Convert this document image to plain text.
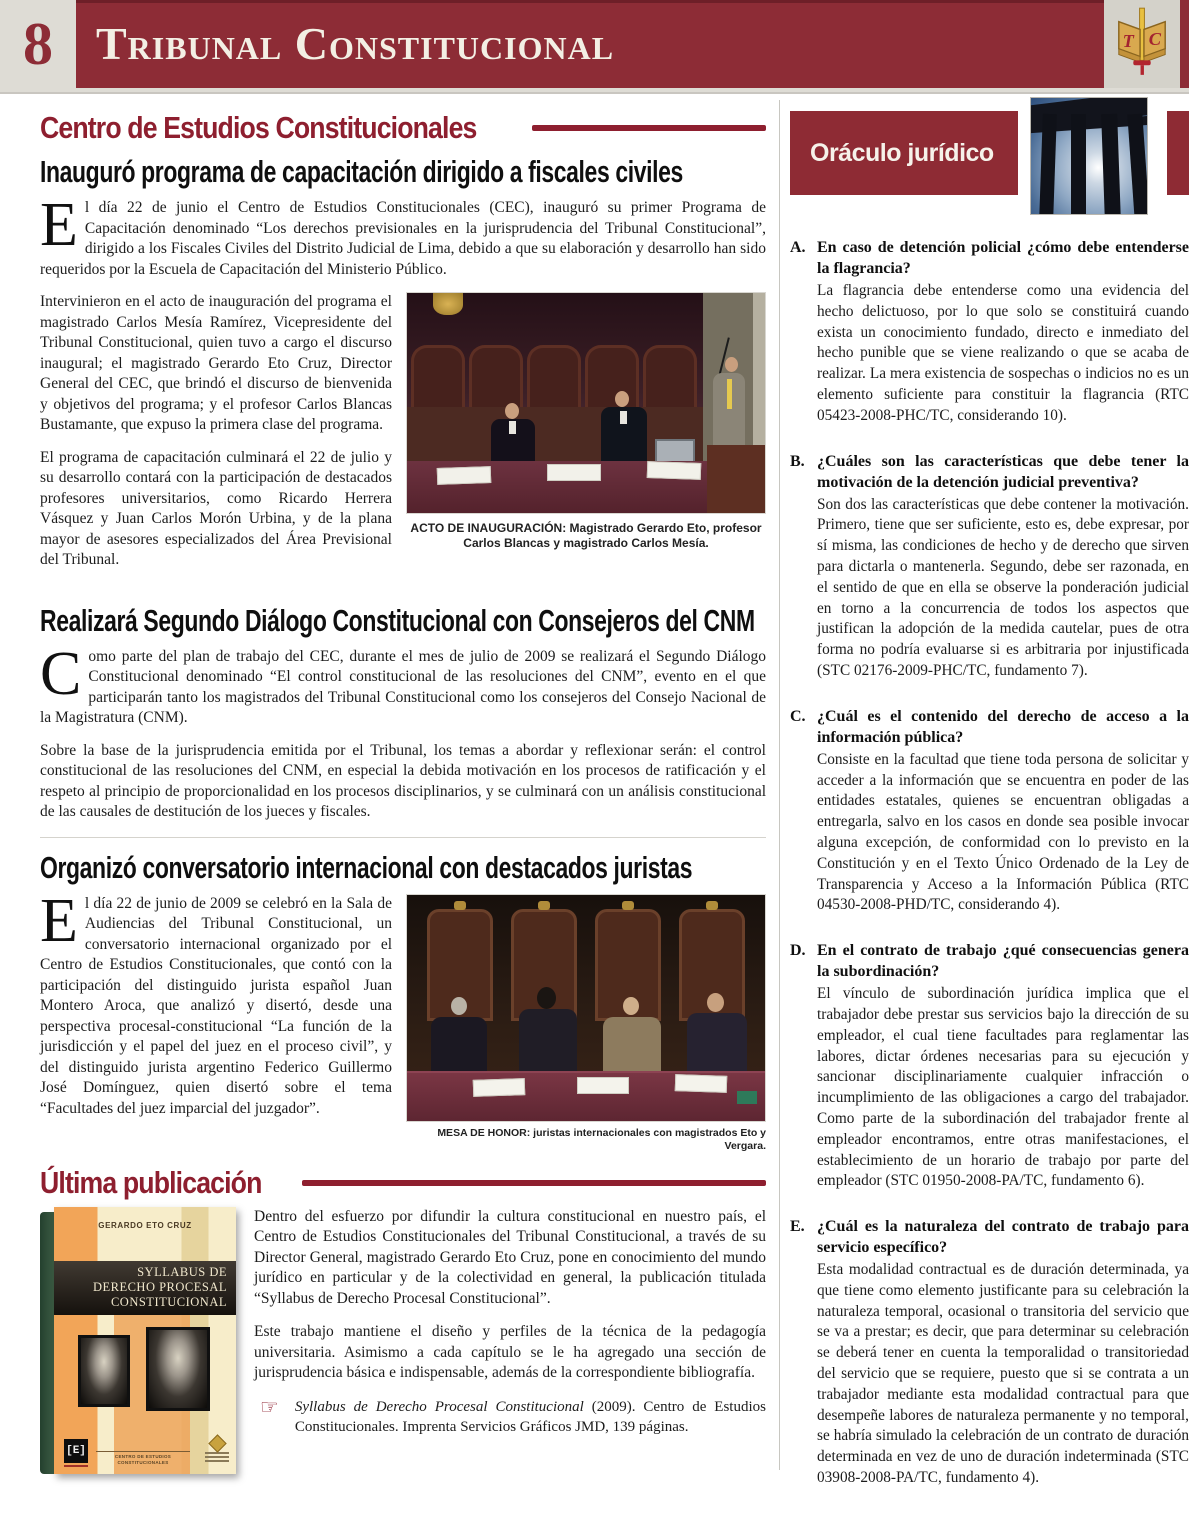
8 Tribunal Constitucional	T C
Centro de Estudios Constitucionales
Inauguró programa de capacitación dirigido a fiscales civiles

El día 22 de junio el Centro de Estudios Constitucionales (CEC), inauguró su primer Programa de Capacitación denominado “Los derechos previsionales en la jurisprudencia del Tribunal Constitucional”, dirigido a los Fiscales Civiles del Distrito Judicial de Lima, debido a que su elaboración y desarrollo han sido requeridos por la Escuela de Capacitación del Ministerio Público.

Intervinieron en el acto de inauguración del programa el magistrado Carlos Mesía Ramírez, Vicepresidente del Tribunal Constitucional, quien tuvo a cargo el discurso inaugural; el magistrado Gerardo Eto Cruz, Director General del CEC, que brindó el discurso de bienvenida y objetivos del programa; y el profesor Carlos Blancas Bustamante, que expuso la primera clase del programa.

El programa de capacitación culminará el 22 de julio y su desarrollo contará con la participación de destacados profesores universitarios, como Ricardo Herrera Vásquez y Juan Carlos Morón Urbina, y de la plana mayor de asesores especializados del Área Previsional del Tribunal.

ACTO DE INAUGURACIÓN: Magistrado Gerardo Eto, profesor Carlos Blancas y magistrado Carlos Mesía.
Realizará Segundo Diálogo Constitucional con Consejeros del CNM

Como parte del plan de trabajo del CEC, durante el mes de julio de 2009 se realizará el Segundo Diálogo Constitucional denominado “El control constitucional de las resoluciones del CNM”, evento en el que participarán tanto los magistrados del Tribunal Constitucional como los consejeros del Consejo Nacional de la Magistratura (CNM).

Sobre la base de la jurisprudencia emitida por el Tribunal, los temas a abordar y reflexionar serán: el control constitucional de las resoluciones del CNM, en especial la debida motivación en los procesos de ratificación y el respeto al principio de proporcionalidad en los procesos disciplinarios, y se culminará con un análisis constitucional de las causales de destitución de los jueces y fiscales.

Organizó conversatorio internacional con destacados juristas

El día 22 de junio de 2009 se celebró en la Sala de Audiencias del Tribunal Constitucional, un conversatorio internacional organizado por el Centro de Estudios Constitucionales, que contó con la participación del distinguido jurista español Juan Montero Aroca, que analizó y disertó, desde una perspectiva procesal-constitucional “La función de la jurisdicción y el papel del juez en el proceso civil”, y del distinguido jurista argentino Federico Guillermo José Domínguez, quien disertó sobre el tema “Facultades del juez imparcial del juzgador”.

MESA DE HONOR: juristas internacionales con magistrados Eto y Vergara.
Última publicación
GERARDO ETO CRUZ
SYLLABUS DE
DERECHO PROCESAL
CONSTITUCIONAL
[E]	CENTRO DE ESTUDIOS CONSTITUCIONALES

Dentro del esfuerzo por difundir la cultura constitucional en nuestro país, el Centro de Estudios Constitucionales del Tribunal Constitucional, a través de su Director General, magistrado Gerardo Eto Cruz, pone en conocimiento del mundo jurídico en particular y de la colectividad en general, la publicación titulada “Syllabus de Derecho Procesal Constitucional”.

Este trabajo mantiene el diseño y perfiles de la técnica de la pedagogía universitaria. Asimismo a cada capítulo se le ha agregado una sección de jurisprudencia básica e indispensable, además de la correspondiente bibliografía.

☞ Syllabus de Derecho Procesal Constitucional (2009). Centro de Estudios Constitucionales. Imprenta Servicios Gráficos JMD, 139 páginas.
Oráculo jurídico
A. En caso de detención policial ¿cómo debe entenderse la flagrancia?
La flagrancia debe entenderse como una evidencia del hecho delictuoso, por lo que solo se constituirá cuando exista un conocimiento fundado, directo e inmediato del hecho punible que se viene realizando o que se acaba de realizar. La mera existencia de sospechas o indicios no es un elemento suficiente para constituir la flagrancia (RTC 05423-2008-PHC/TC, considerando 10).
B. ¿Cuáles son las características que debe tener la motivación de la detención judicial preventiva?
Son dos las características que debe contener la motivación. Primero, tiene que ser suficiente, esto es, debe expresar, por sí misma, las condiciones de hecho y de derecho que sirven para dictarla o mantenerla. Segundo, debe ser razonada, en el sentido de que en ella se observe la ponderación judicial en torno a la concurrencia de todos los aspectos que justifican la adopción de la medida cautelar, pues de otra forma no podría evaluarse si es arbitraria por injustificada (STC 02176-2009-PHC/TC, fundamento 7).
C. ¿Cuál es el contenido del derecho de acceso a la información pública?
Consiste en la facultad que tiene toda persona de solicitar y acceder a la información que se encuentra en poder de las entidades estatales, quienes se encuentran obligadas a entregarla, salvo en los casos en donde sea posible invocar alguna excepción, de conformidad con lo previsto en la Constitución y en el Texto Único Ordenado de la Ley de Transparencia y Acceso a la Información Pública (RTC 04530-2008-PHD/TC, considerando 4).
D. En el contrato de trabajo ¿qué consecuencias genera la subordinación?
El vínculo de subordinación jurídica implica que el trabajador debe prestar sus servicios bajo la dirección de su empleador, el cual tiene facultades para reglamentar las labores, dictar órdenes necesarias para su ejecución y sancionar disciplinariamente cualquier infracción o incumplimiento de las obligaciones a cargo del trabajador. Como parte de la subordinación del trabajador frente al empleador encontramos, entre otras manifestaciones, el establecimiento de un horario de trabajo por parte del empleador (STC 01950-2008-PA/TC, fundamento 6).
E. ¿Cuál es la naturaleza del contrato de trabajo para servicio específico?
Esta modalidad contractual es de duración determinada, ya que tiene como elemento justificante para su celebración la naturaleza temporal, ocasional o transitoria del servicio que se va a prestar; es decir, que para determinar su celebración se deberá tener en cuenta la temporalidad o transitoriedad del servicio que se requiere, puesto que si se contrata a un trabajador mediante esta modalidad contractual para que desempeñe labores de naturaleza permanente y no temporal, se habría simulado la celebración de un contrato de duración determinada en vez de uno de duración indeterminada (STC 03908-2008-PA/TC, fundamento 4).
